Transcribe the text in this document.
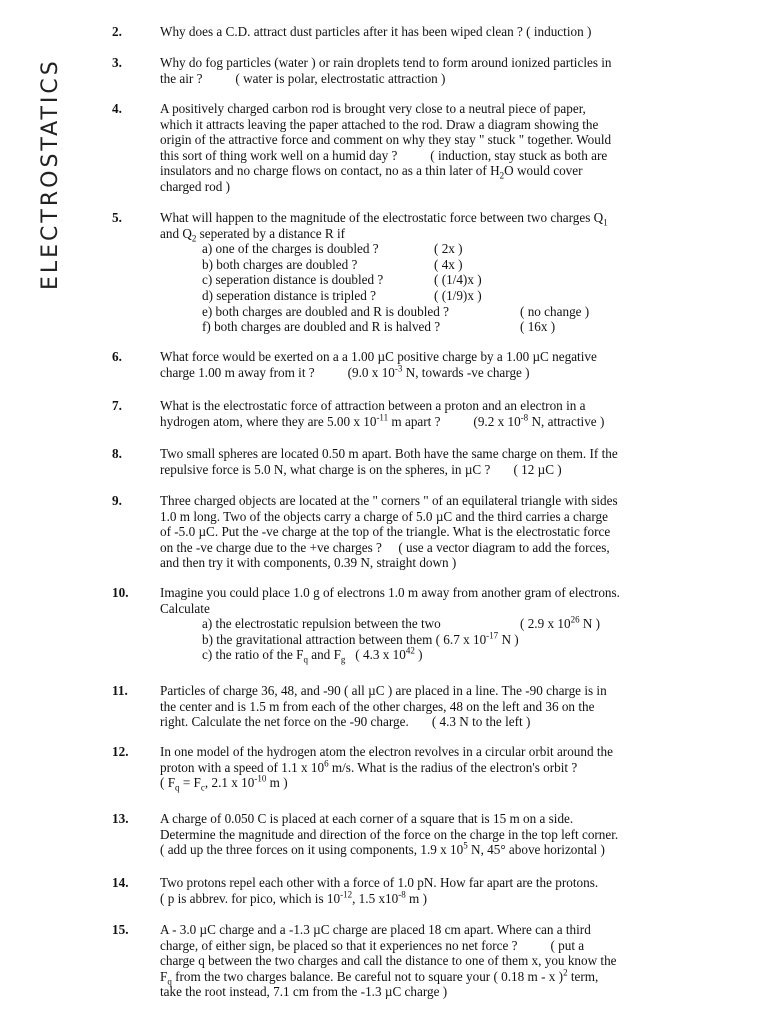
ELECTROSTATICS
2.	Why does a C.D. attract dust particles after it has been wiped clean ? ( induction )
3.	Why do fog particles (water ) or rain droplets tend to form around ionized particles in
the air ?          ( water is polar, electrostatic attraction )
4.	A positively charged carbon rod is brought very close to a neutral piece of paper,
which it attracts leaving the paper attached to the rod. Draw a diagram showing the
origin of the attractive force and comment on why they stay " stuck " together. Would
this sort of thing work well on a humid day ?          ( induction, stay stuck as both are
insulators and no charge flows on contact, no as a thin later of $H_2O$ would cover
charged rod )
5.	What will happen to the magnitude of the electrostatic force between two charges $Q_1$
and $Q_2$ seperated by a distance R if
a) one of the charges is doubled ?	( 2x )
b) both charges are doubled ?	( 4x )
c) seperation distance is doubled ?	( (1/4)x )
d) seperation distance is tripled ?	( (1/9)x )
e) both charges are doubled and R is doubled ?	( no change )
f) both charges are doubled and R is halved ?	( 16x )
6.	What force would be exerted on a a 1.00 µC positive charge by a 1.00 µC negative
charge 1.00 m away from it ?          (9.0 x $10^{-3}$ N, towards -ve charge )
7.	What is the electrostatic force of attraction between a proton and an electron in a
hydrogen atom, where they are 5.00 x $10^{-11}$ m apart ?          (9.2 x $10^{-8}$ N, attractive )
8.	Two small spheres are located 0.50 m apart. Both have the same charge on them. If the
repulsive force is 5.0 N, what charge is on the spheres, in µC ?       ( 12 µC )
9.	Three charged objects are located at the " corners " of an equilateral triangle with sides
1.0 m long. Two of the objects carry a charge of 5.0 µC and the third carries a charge
of -5.0 µC. Put the -ve charge at the top of the triangle. What is the electrostatic force
on the -ve charge due to the +ve charges ?     ( use a vector diagram to add the forces,
and then try it with components, 0.39 N, straight down )
10.	Imagine you could place 1.0 g of electrons 1.0 m away from another gram of electrons.
Calculate
a) the electrostatic repulsion between the two	( 2.9 x $10^{26}$ N )
b) the gravitational attraction between them ( 6.7 x $10^{-17}$ N )
c) the ratio of the $F_q$ and $F_g$   ( 4.3 x $10^{42}$ )
11.	Particles of charge 36, 48, and -90 ( all µC ) are placed in a line. The -90 charge is in
the center and is 1.5 m from each of the other charges, 48 on the left and 36 on the
right. Calculate the net force on the -90 charge.       ( 4.3 N to the left )
12.	In one model of the hydrogen atom the electron revolves in a circular orbit around the
proton with a speed of 1.1 x $10^6$ m/s. What is the radius of the electron's orbit ?
( $F_q = F_c$, 2.1 x $10^{-10}$ m )
13.	A charge of 0.050 C is placed at each corner of a square that is 15 m on a side.
Determine the magnitude and direction of the force on the charge in the top left corner.
( add up the three forces on it using components, 1.9 x $10^5$ N, 45° above horizontal )
14.	Two protons repel each other with a force of 1.0 pN. How far apart are the protons.
( p is abbrev. for pico, which is $10^{-12}$, 1.5 $x10^{-8}$ m )
15.	A - 3.0 µC charge and a -1.3 µC charge are placed 18 cm apart. Where can a third
charge, of either sign, be placed so that it experiences no net force ?          ( put a
charge q between the two charges and call the distance to one of them x, you know the
$F_q$ from the two charges balance. Be careful not to square your ( 0.18 m - x )$^2$ term,
take the root instead, 7.1 cm from the -1.3 µC charge )
